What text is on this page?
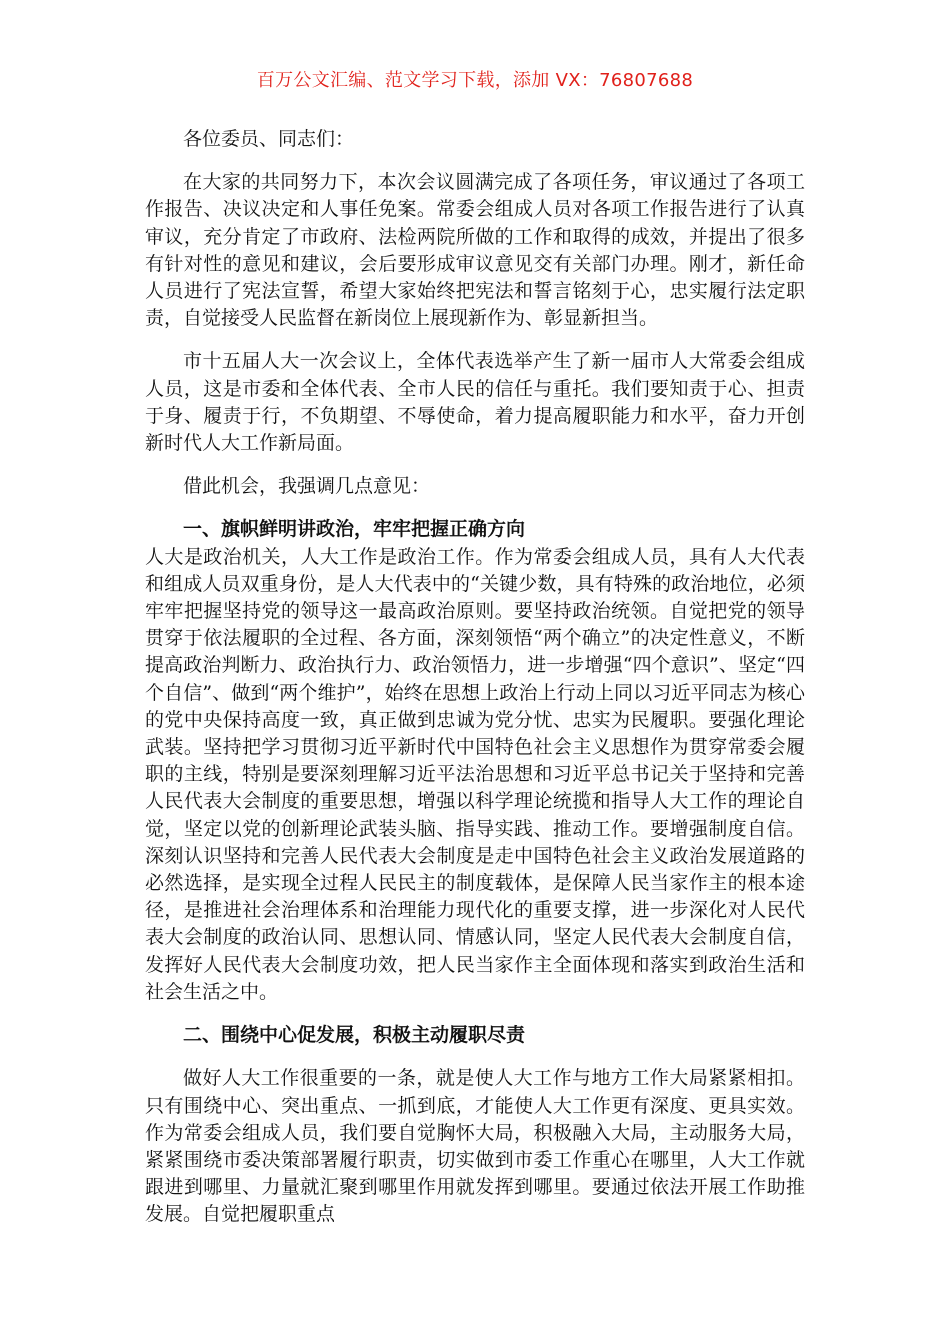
百万公文汇编、范文学习下载，添加 VX：76807688

各位委员、同志们：

在大家的共同努力下，本次会议圆满完成了各项任务，审议通过了各项工作报告、决议决定和人事任免案。常委会组成人员对各项工作报告进行了认真审议，充分肯定了市政府、法检两院所做的工作和取得的成效，并提出了很多有针对性的意见和建议，会后要形成审议意见交有关部门办理。刚才，新任命人员进行了宪法宣誓，希望大家始终把宪法和誓言铭刻于心，忠实履行法定职责，自觉接受人民监督在新岗位上展现新作为、彰显新担当。

市十五届人大一次会议上，全体代表选举产生了新一届市人大常委会组成人员，这是市委和全体代表、全市人民的信任与重托。我们要知责于心、担责于身、履责于行，不负期望、不辱使命，着力提高履职能力和水平，奋力开创新时代人大工作新局面。

借此机会，我强调几点意见：

一、旗帜鲜明讲政治，牢牢把握正确方向

人大是政治机关，人大工作是政治工作。作为常委会组成人员，具有人大代表和组成人员双重身份，是人大代表中的“关键少数，具有特殊的政治地位，必须牢牢把握坚持党的领导这一最高政治原则。要坚持政治统领。自觉把党的领导贯穿于依法履职的全过程、各方面，深刻领悟“两个确立”的决定性意义，不断提高政治判断力、政治执行力、政治领悟力，进一步增强“四个意识”、坚定“四个自信”、做到“两个维护”，始终在思想上政治上行动上同以习近平同志为核心的党中央保持高度一致，真正做到忠诚为党分忧、忠实为民履职。要强化理论武装。坚持把学习贯彻习近平新时代中国特色社会主义思想作为贯穿常委会履职的主线，特别是要深刻理解习近平法治思想和习近平总书记关于坚持和完善人民代表大会制度的重要思想，增强以科学理论统揽和指导人大工作的理论自觉，坚定以党的创新理论武装头脑、指导实践、推动工作。要增强制度自信。深刻认识坚持和完善人民代表大会制度是走中国特色社会主义政治发展道路的必然选择，是实现全过程人民民主的制度载体，是保障人民当家作主的根本途径，是推进社会治理体系和治理能力现代化的重要支撑，进一步深化对人民代表大会制度的政治认同、思想认同、情感认同，坚定人民代表大会制度自信，发挥好人民代表大会制度功效，把人民当家作主全面体现和落实到政治生活和社会生活之中。

二、围绕中心促发展，积极主动履职尽责

做好人大工作很重要的一条，就是使人大工作与地方工作大局紧紧相扣。只有围绕中心、突出重点、一抓到底，才能使人大工作更有深度、更具实效。作为常委会组成人员，我们要自觉胸怀大局，积极融入大局，主动服务大局，紧紧围绕市委决策部署履行职责，切实做到市委工作重心在哪里，人大工作就跟进到哪里、力量就汇聚到哪里作用就发挥到哪里。要通过依法开展工作助推发展。自觉把履职重点
